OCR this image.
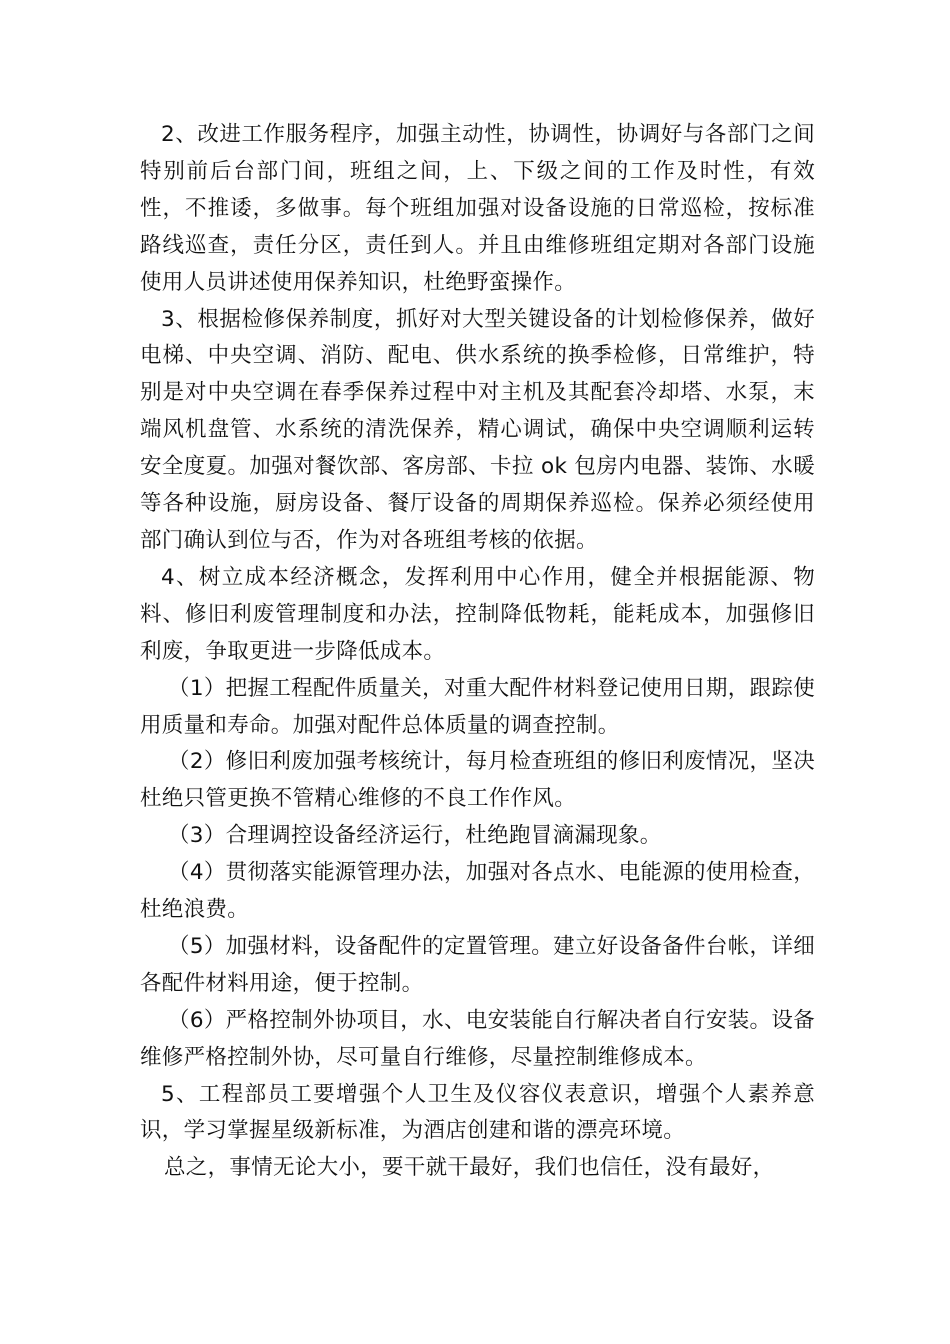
2、改进工作服务程序，加强主动性，协调性，协调好与各部门之间特别前后台部门间，班组之间，上、下级之间的工作及时性，有效性，不推诿，多做事。每个班组加强对设备设施的日常巡检，按标准路线巡查，责任分区，责任到人。并且由维修班组定期对各部门设施使用人员讲述使用保养知识，杜绝野蛮操作。

3、根据检修保养制度，抓好对大型关键设备的计划检修保养，做好电梯、中央空调、消防、配电、供水系统的换季检修，日常维护，特别是对中央空调在春季保养过程中对主机及其配套冷却塔、水泵，末端风机盘管、水系统的清洗保养，精心调试，确保中央空调顺利运转安全度夏。加强对餐饮部、客房部、卡拉 ok 包房内电器、装饰、水暖等各种设施，厨房设备、餐厅设备的周期保养巡检。保养必须经使用部门确认到位与否，作为对各班组考核的依据。

4、树立成本经济概念，发挥利用中心作用，健全并根据能源、物料、修旧利废管理制度和办法，控制降低物耗，能耗成本，加强修旧利废，争取更进一步降低成本。

（1）把握工程配件质量关，对重大配件材料登记使用日期，跟踪使用质量和寿命。加强对配件总体质量的调查控制。

（2）修旧利废加强考核统计，每月检查班组的修旧利废情况，坚决杜绝只管更换不管精心维修的不良工作作风。

（3）合理调控设备经济运行，杜绝跑冒滴漏现象。

（4）贯彻落实能源管理办法，加强对各点水、电能源的使用检查，杜绝浪费。

（5）加强材料，设备配件的定置管理。建立好设备备件台帐，详细各配件材料用途，便于控制。

（6）严格控制外协项目，水、电安装能自行解决者自行安装。设备维修严格控制外协，尽可量自行维修，尽量控制维修成本。

5、工程部员工要增强个人卫生及仪容仪表意识，增强个人素养意识，学习掌握星级新标准，为酒店创建和谐的漂亮环境。

总之，事情无论大小，要干就干最好，我们也信任，没有最好，
